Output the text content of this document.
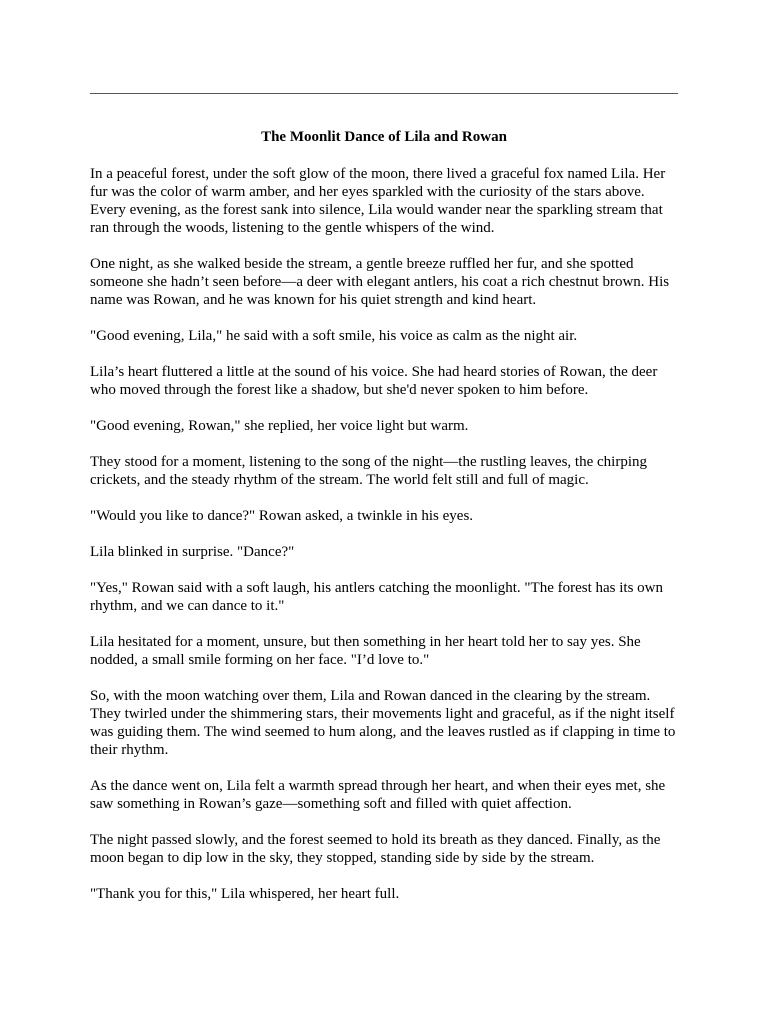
The Moonlit Dance of Lila and Rowan

In a peaceful forest, under the soft glow of the moon, there lived a graceful fox named Lila. Her fur was the color of warm amber, and her eyes sparkled with the curiosity of the stars above. Every evening, as the forest sank into silence, Lila would wander near the sparkling stream that ran through the woods, listening to the gentle whispers of the wind.

One night, as she walked beside the stream, a gentle breeze ruffled her fur, and she spotted someone she hadn’t seen before—a deer with elegant antlers, his coat a rich chestnut brown. His name was Rowan, and he was known for his quiet strength and kind heart.

"Good evening, Lila," he said with a soft smile, his voice as calm as the night air.

Lila’s heart fluttered a little at the sound of his voice. She had heard stories of Rowan, the deer who moved through the forest like a shadow, but she'd never spoken to him before.

"Good evening, Rowan," she replied, her voice light but warm.

They stood for a moment, listening to the song of the night—the rustling leaves, the chirping crickets, and the steady rhythm of the stream. The world felt still and full of magic.

"Would you like to dance?" Rowan asked, a twinkle in his eyes.

Lila blinked in surprise. "Dance?"

"Yes," Rowan said with a soft laugh, his antlers catching the moonlight. "The forest has its own rhythm, and we can dance to it."

Lila hesitated for a moment, unsure, but then something in her heart told her to say yes. She nodded, a small smile forming on her face. "I’d love to."

So, with the moon watching over them, Lila and Rowan danced in the clearing by the stream. They twirled under the shimmering stars, their movements light and graceful, as if the night itself was guiding them. The wind seemed to hum along, and the leaves rustled as if clapping in time to their rhythm.

As the dance went on, Lila felt a warmth spread through her heart, and when their eyes met, she saw something in Rowan’s gaze—something soft and filled with quiet affection.

The night passed slowly, and the forest seemed to hold its breath as they danced. Finally, as the moon began to dip low in the sky, they stopped, standing side by side by the stream.

"Thank you for this," Lila whispered, her heart full.
